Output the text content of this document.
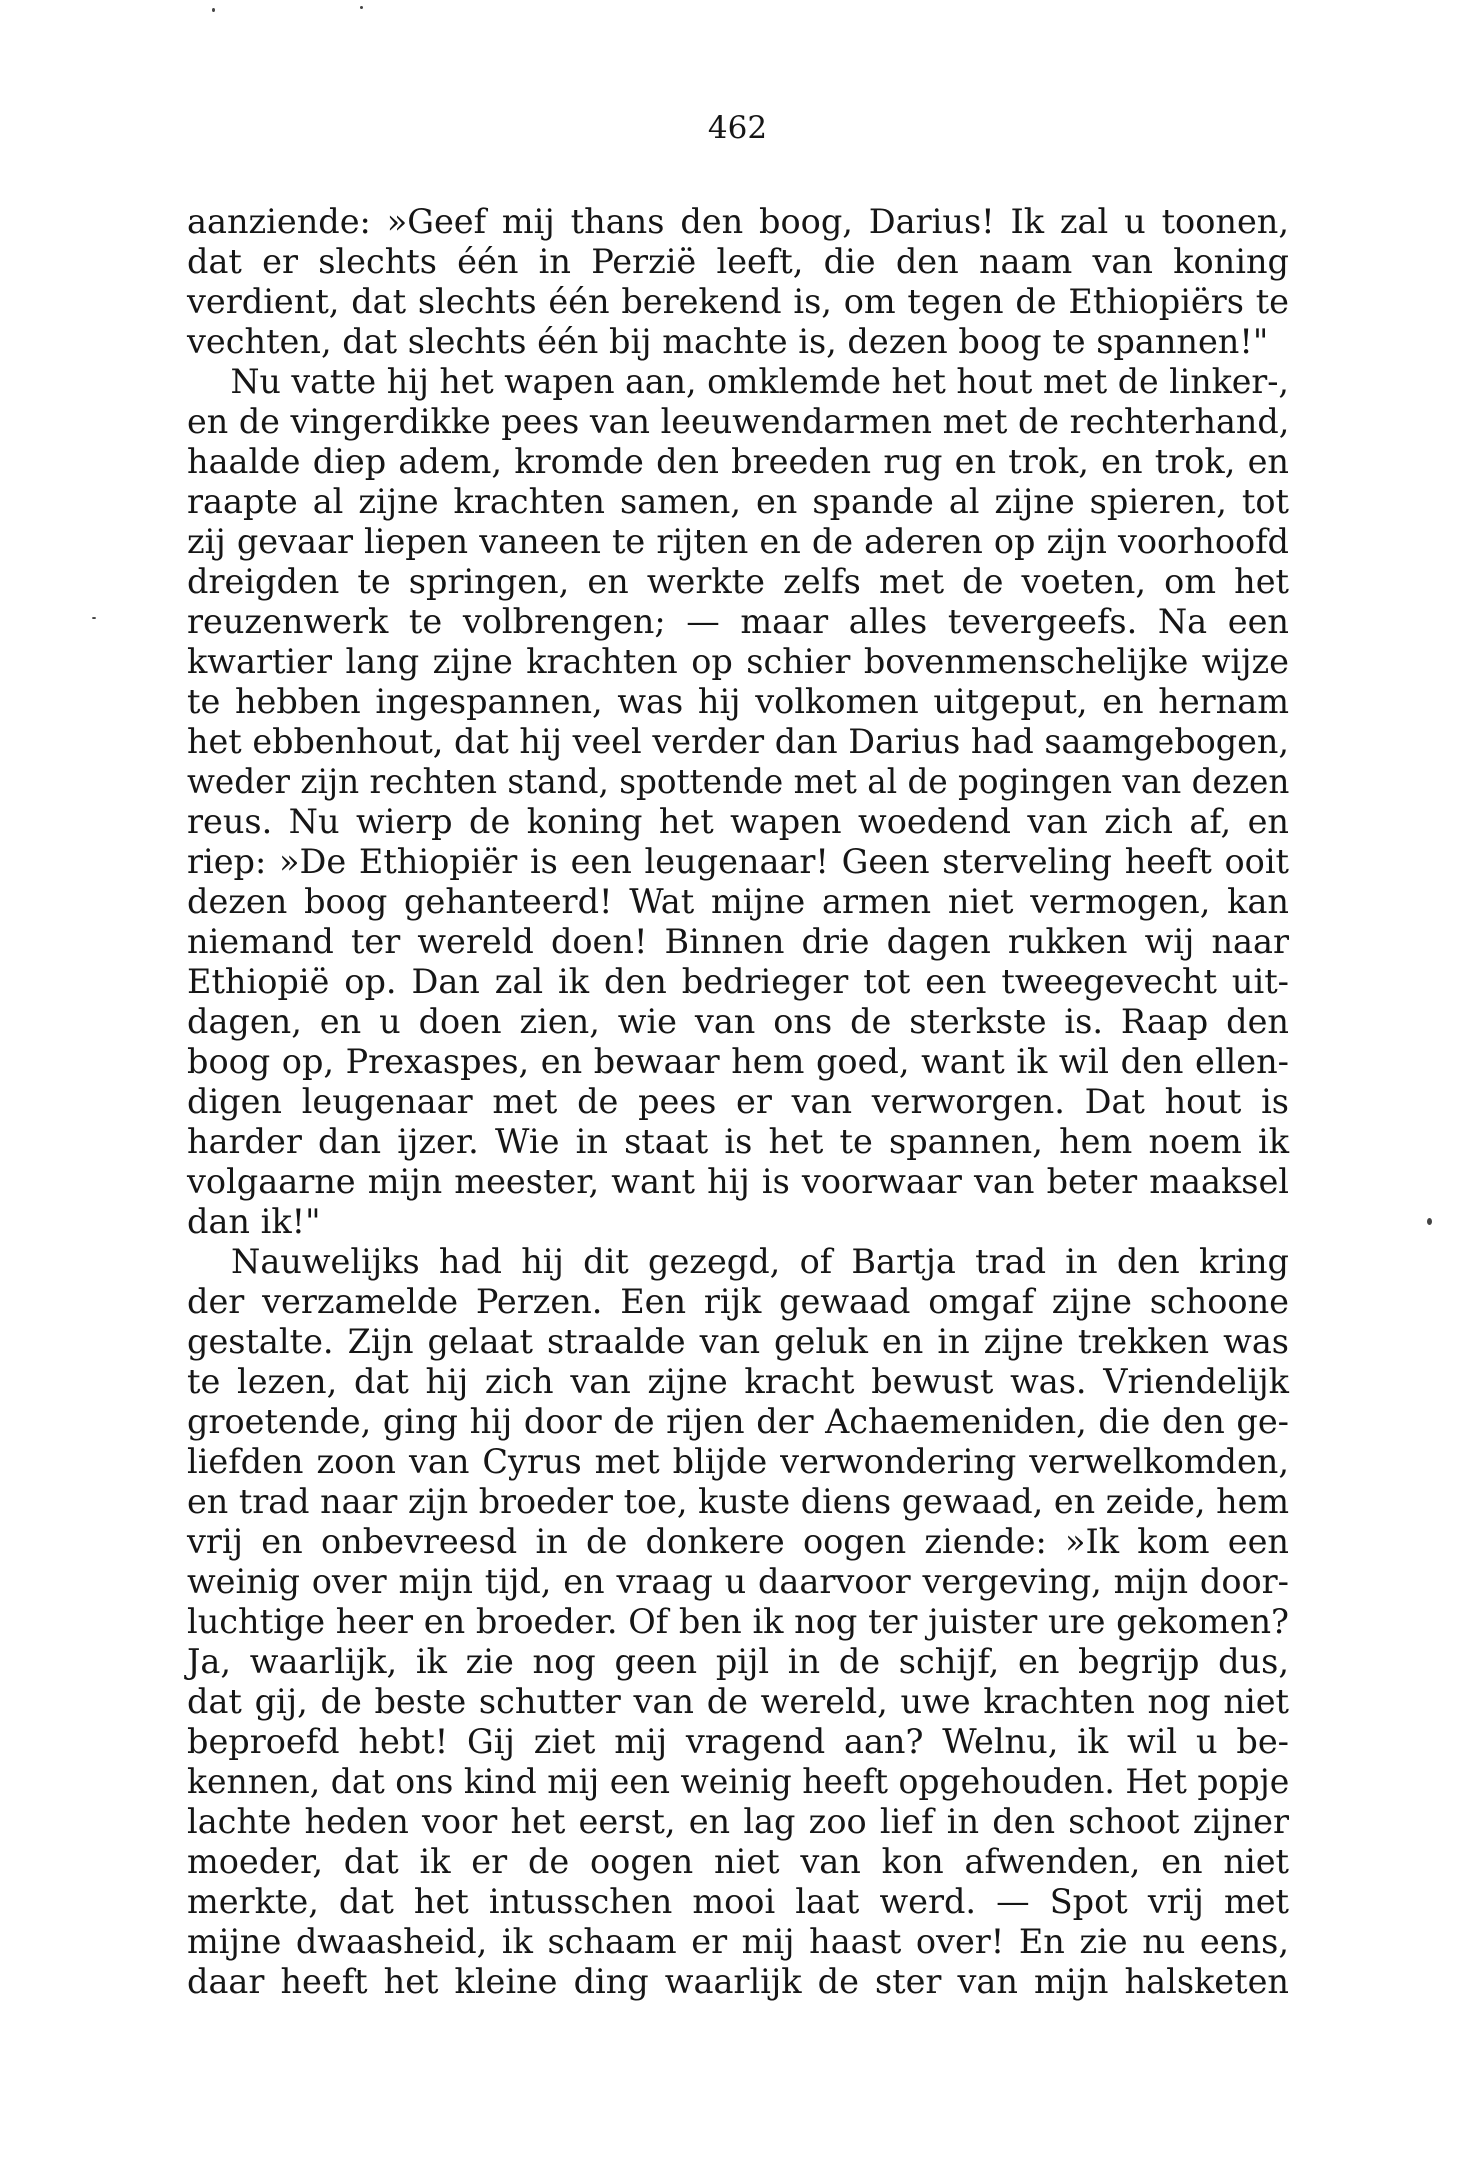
462
aanziende: »Geef mij thans den boog, Darius! Ik zal u toonen,
dat er slechts één in Perzië leeft, die den naam van koning
verdient, dat slechts één berekend is, om tegen de Ethiopiërs te
vechten, dat slechts één bij machte is, dezen boog te spannen!"
Nu vatte hij het wapen aan, omklemde het hout met de linker-,
en de vingerdikke pees van leeuwendarmen met de rechterhand,
haalde diep adem, kromde den breeden rug en trok, en trok, en
raapte al zijne krachten samen, en spande al zijne spieren, tot
zij gevaar liepen vaneen te rijten en de aderen op zijn voorhoofd
dreigden te springen, en werkte zelfs met de voeten, om het
reuzenwerk te volbrengen; — maar alles tevergeefs. Na een
kwartier lang zijne krachten op schier bovenmenschelijke wijze
te hebben ingespannen, was hij volkomen uitgeput, en hernam
het ebbenhout, dat hij veel verder dan Darius had saamgebogen,
weder zijn rechten stand, spottende met al de pogingen van dezen
reus. Nu wierp de koning het wapen woedend van zich af, en
riep: »De Ethiopiër is een leugenaar! Geen sterveling heeft ooit
dezen boog gehanteerd! Wat mijne armen niet vermogen, kan
niemand ter wereld doen! Binnen drie dagen rukken wij naar
Ethiopië op. Dan zal ik den bedrieger tot een tweegevecht uit-
dagen, en u doen zien, wie van ons de sterkste is. Raap den
boog op, Prexaspes, en bewaar hem goed, want ik wil den ellen-
digen leugenaar met de pees er van verworgen. Dat hout is
harder dan ijzer. Wie in staat is het te spannen, hem noem ik
volgaarne mijn meester, want hij is voorwaar van beter maaksel
dan ik!"
Nauwelijks had hij dit gezegd, of Bartja trad in den kring
der verzamelde Perzen. Een rijk gewaad omgaf zijne schoone
gestalte. Zijn gelaat straalde van geluk en in zijne trekken was
te lezen, dat hij zich van zijne kracht bewust was. Vriendelijk
groetende, ging hij door de rijen der Achaemeniden, die den ge-
liefden zoon van Cyrus met blijde verwondering verwelkomden,
en trad naar zijn broeder toe, kuste diens gewaad, en zeide, hem
vrij en onbevreesd in de donkere oogen ziende: »Ik kom een
weinig over mijn tijd, en vraag u daarvoor vergeving, mijn door-
luchtige heer en broeder. Of ben ik nog ter juister ure gekomen?
Ja, waarlijk, ik zie nog geen pijl in de schijf, en begrijp dus,
dat gij, de beste schutter van de wereld, uwe krachten nog niet
beproefd hebt! Gij ziet mij vragend aan? Welnu, ik wil u be-
kennen, dat ons kind mij een weinig heeft opgehouden. Het popje
lachte heden voor het eerst, en lag zoo lief in den schoot zijner
moeder, dat ik er de oogen niet van kon afwenden, en niet
merkte, dat het intusschen mooi laat werd. — Spot vrij met
mijne dwaasheid, ik schaam er mij haast over! En zie nu eens,
daar heeft het kleine ding waarlijk de ster van mijn halsketen
